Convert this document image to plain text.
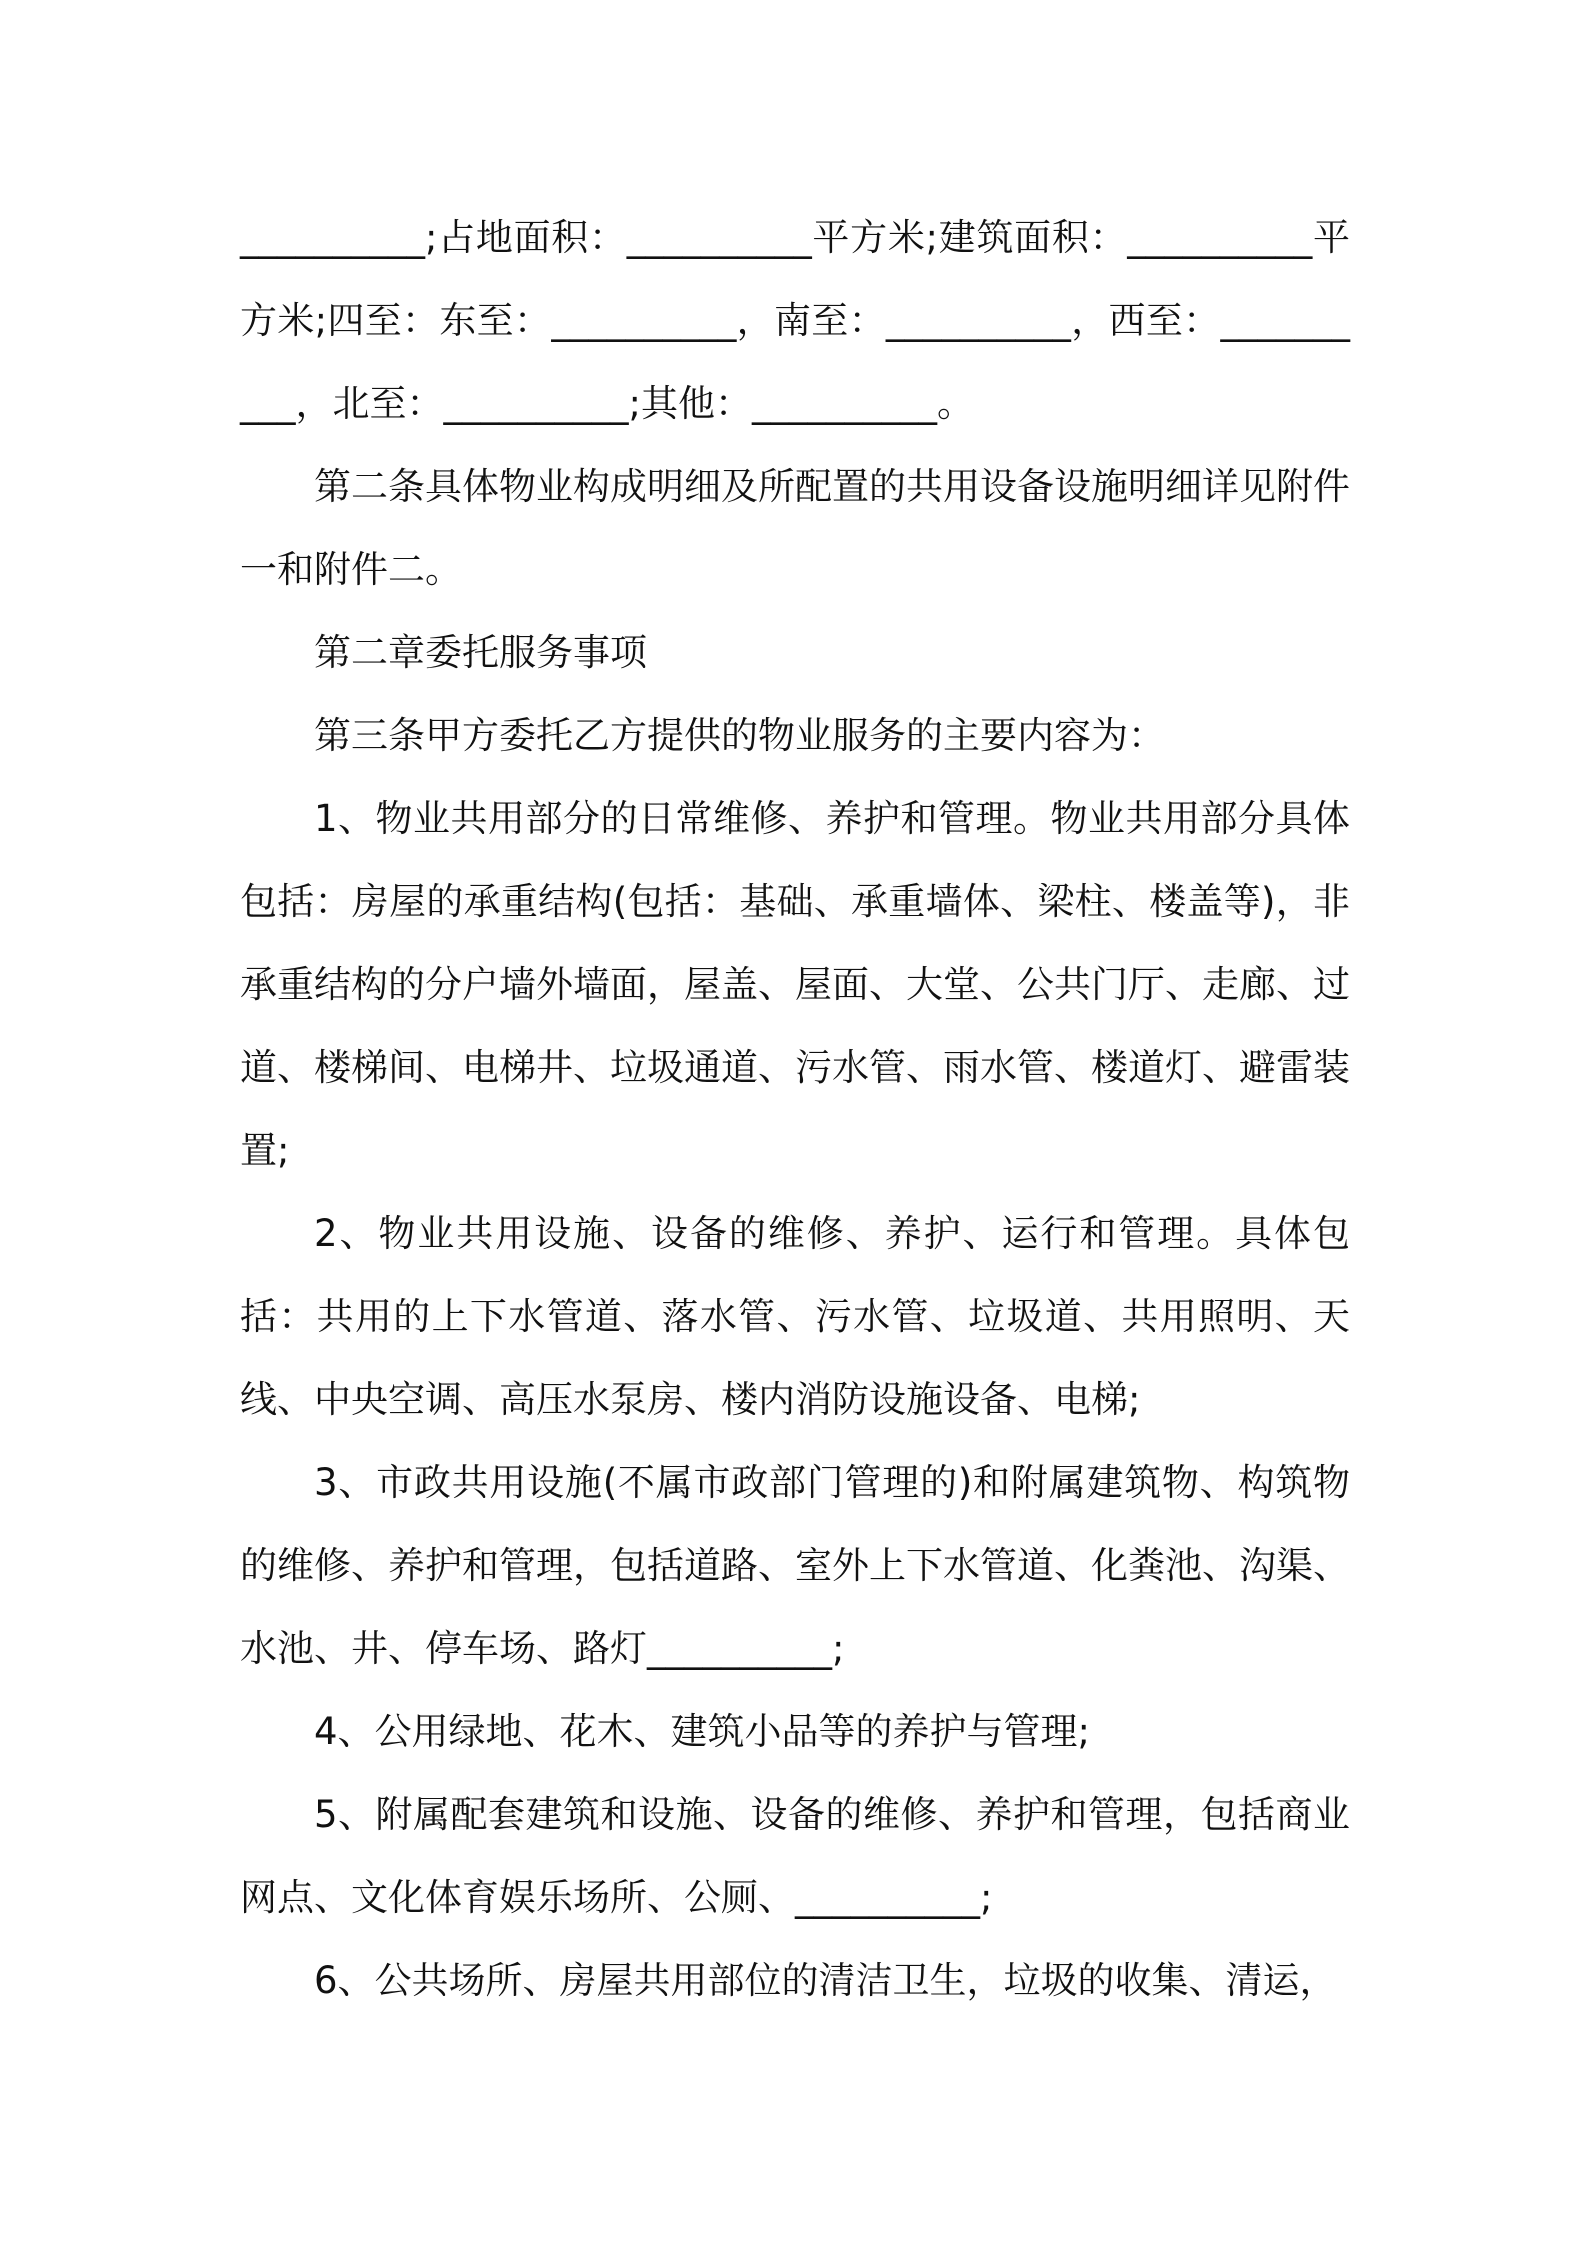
__________;占地面积：__________平方米;建筑面积：__________平方米;四至：东至：__________，南至：__________，西至：__________，北至：__________;其他：__________。

第二条具体物业构成明细及所配置的共用设备设施明细详见附件一和附件二。

第二章委托服务事项

第三条甲方委托乙方提供的物业服务的主要内容为：

1、物业共用部分的日常维修、养护和管理。物业共用部分具体包括：房屋的承重结构(包括：基础、承重墙体、梁柱、楼盖等)，非承重结构的分户墙外墙面，屋盖、屋面、大堂、公共门厅、走廊、过道、楼梯间、电梯井、垃圾通道、污水管、雨水管、楼道灯、避雷装置;

2、物业共用设施、设备的维修、养护、运行和管理。具体包括：共用的上下水管道、落水管、污水管、垃圾道、共用照明、天线、中央空调、高压水泵房、楼内消防设施设备、电梯;

3、市政共用设施(不属市政部门管理的)和附属建筑物、构筑物的维修、养护和管理，包括道路、室外上下水管道、化粪池、沟渠、水池、井、停车场、路灯__________;

4、公用绿地、花木、建筑小品等的养护与管理;

5、附属配套建筑和设施、设备的维修、养护和管理，包括商业网点、文化体育娱乐场所、公厕、__________;

6、公共场所、房屋共用部位的清洁卫生，垃圾的收集、清运，
